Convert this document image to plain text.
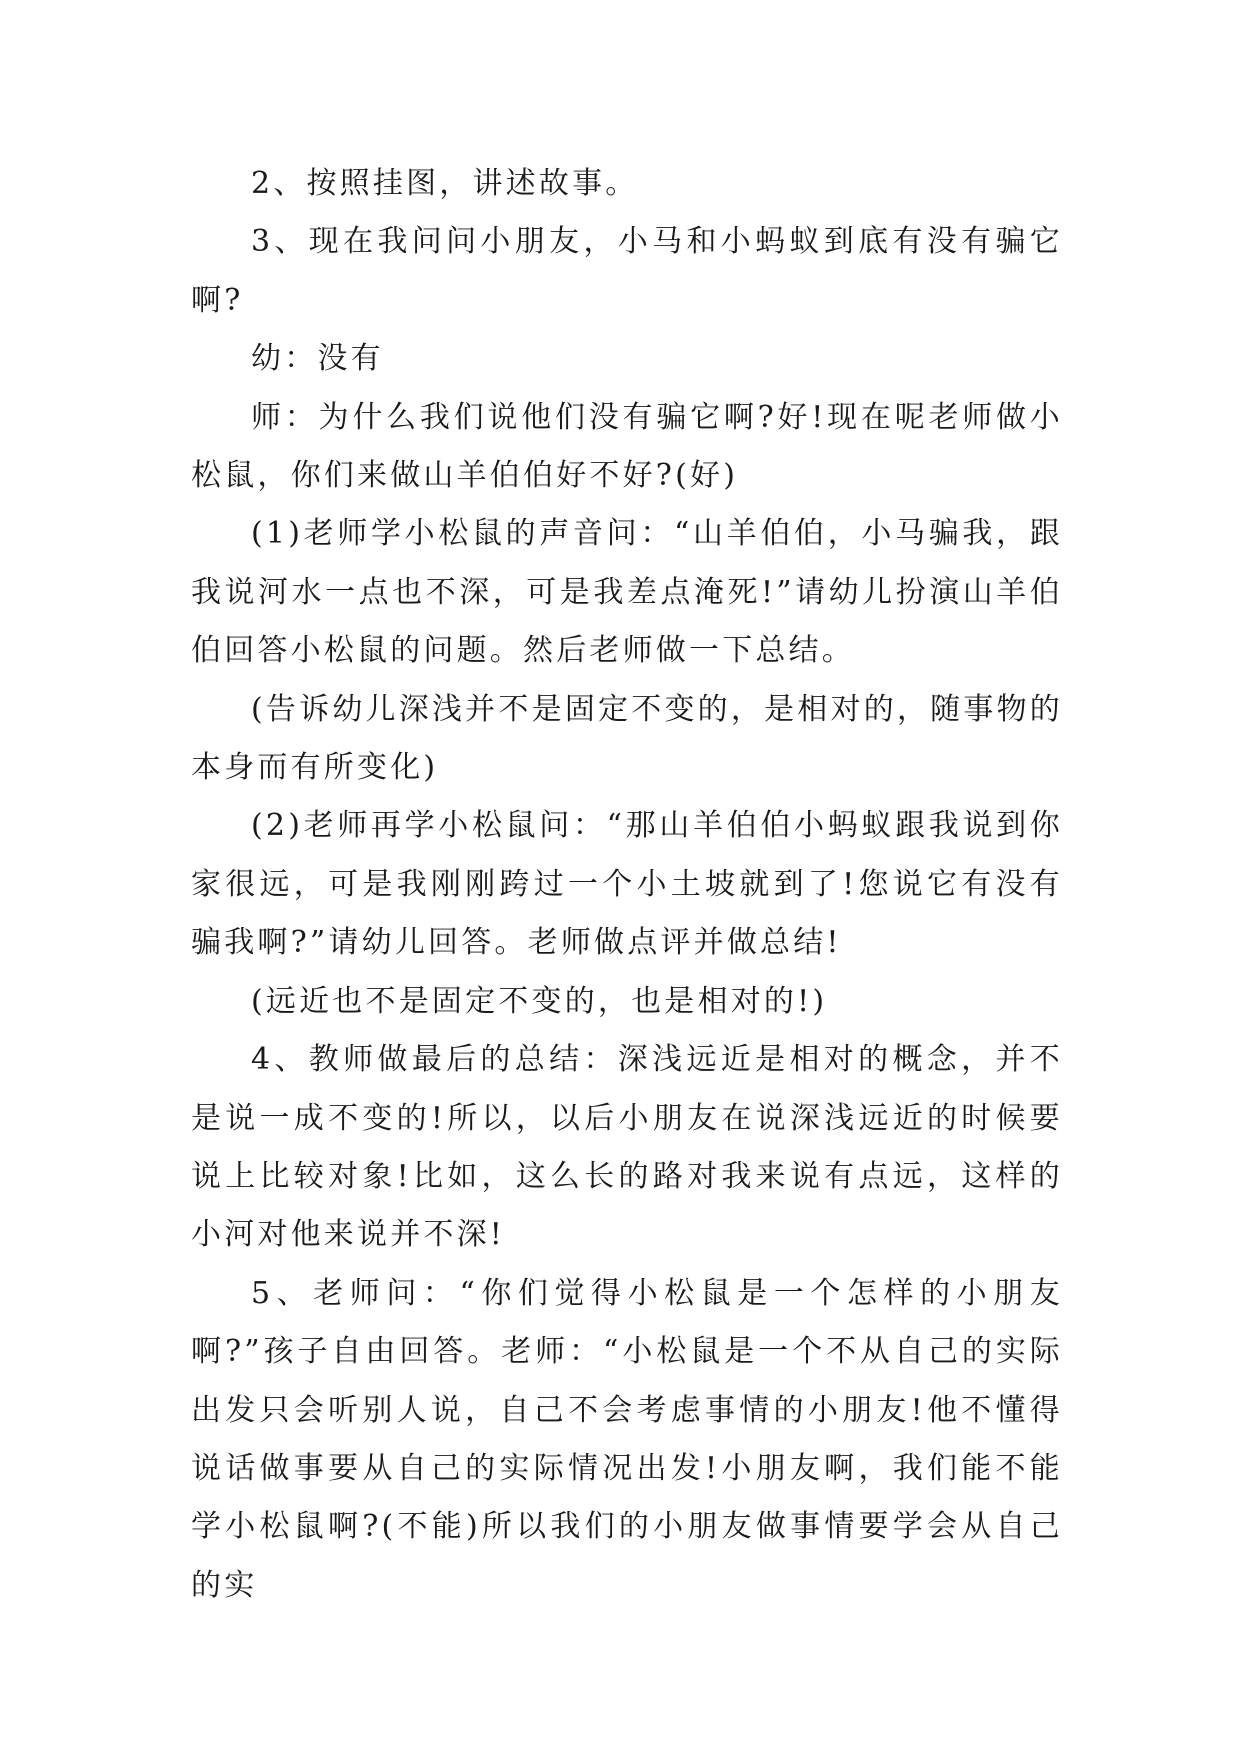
2、按照挂图，讲述故事。

3、现在我问问小朋友，小马和小蚂蚁到底有没有骗它啊?

幼：没有

师：为什么我们说他们没有骗它啊?好!现在呢老师做小松鼠，你们来做山羊伯伯好不好?(好)

(1)老师学小松鼠的声音问：“山羊伯伯，小马骗我，跟我说河水一点也不深，可是我差点淹死!”请幼儿扮演山羊伯伯回答小松鼠的问题。然后老师做一下总结。

(告诉幼儿深浅并不是固定不变的，是相对的，随事物的本身而有所变化)

(2)老师再学小松鼠问：“那山羊伯伯小蚂蚁跟我说到你家很远，可是我刚刚跨过一个小土坡就到了!您说它有没有骗我啊?”请幼儿回答。老师做点评并做总结!

(远近也不是固定不变的，也是相对的!)

4、教师做最后的总结：深浅远近是相对的概念，并不是说一成不变的!所以，以后小朋友在说深浅远近的时候要说上比较对象!比如，这么长的路对我来说有点远，这样的小河对他来说并不深!

5、老师问：“你们觉得小松鼠是一个怎样的小朋友啊?”孩子自由回答。老师：“小松鼠是一个不从自己的实际出发只会听别人说，自己不会考虑事情的小朋友!他不懂得说话做事要从自己的实际情况出发!小朋友啊，我们能不能学小松鼠啊?(不能)所以我们的小朋友做事情要学会从自己的实
